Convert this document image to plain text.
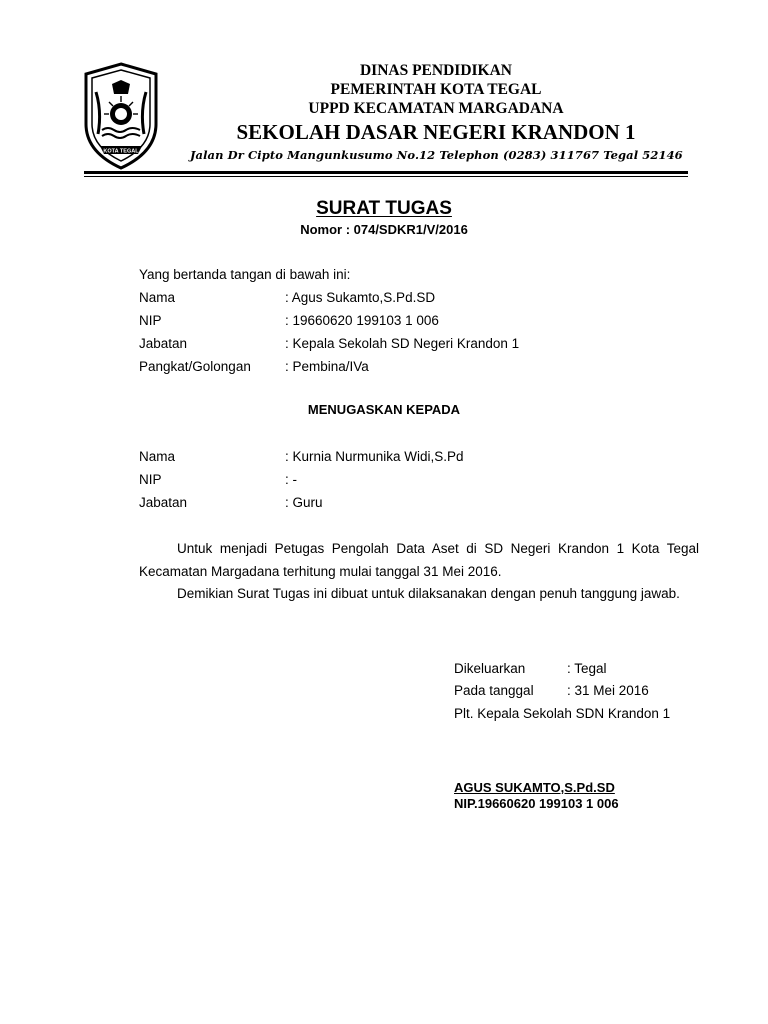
KOTA TEGAL
DINAS PENDIDIKAN
PEMERINTAH KOTA TEGAL
UPPD KECAMATAN MARGADANA
SEKOLAH DASAR NEGERI KRANDON 1
Jalan Dr Cipto Mangunkusumo No.12 Telephon (0283) 311767 Tegal 52146
SURAT TUGAS
Nomor : 074/SDKR1/V/2016
Yang bertanda tangan di bawah ini:
Nama	: Agus Sukamto,S.Pd.SD
NIP	: 19660620 199103 1 006
Jabatan	: Kepala Sekolah SD Negeri Krandon 1
Pangkat/Golongan	: Pembina/IVa
MENUGASKAN KEPADA
Nama	: Kurnia Nurmunika Widi,S.Pd
NIP	: -
Jabatan	: Guru
Untuk menjadi Petugas Pengolah Data Aset di SD Negeri Krandon 1 Kota Tegal Kecamatan Margadana terhitung mulai tanggal 31 Mei 2016.
Demikian Surat Tugas ini dibuat untuk dilaksanakan dengan penuh tanggung jawab.
Dikeluarkan	: Tegal
Pada tanggal : 31 Mei 2016
Plt. Kepala Sekolah SDN Krandon 1
AGUS SUKAMTO,S.Pd.SD
NIP.19660620 199103 1 006
